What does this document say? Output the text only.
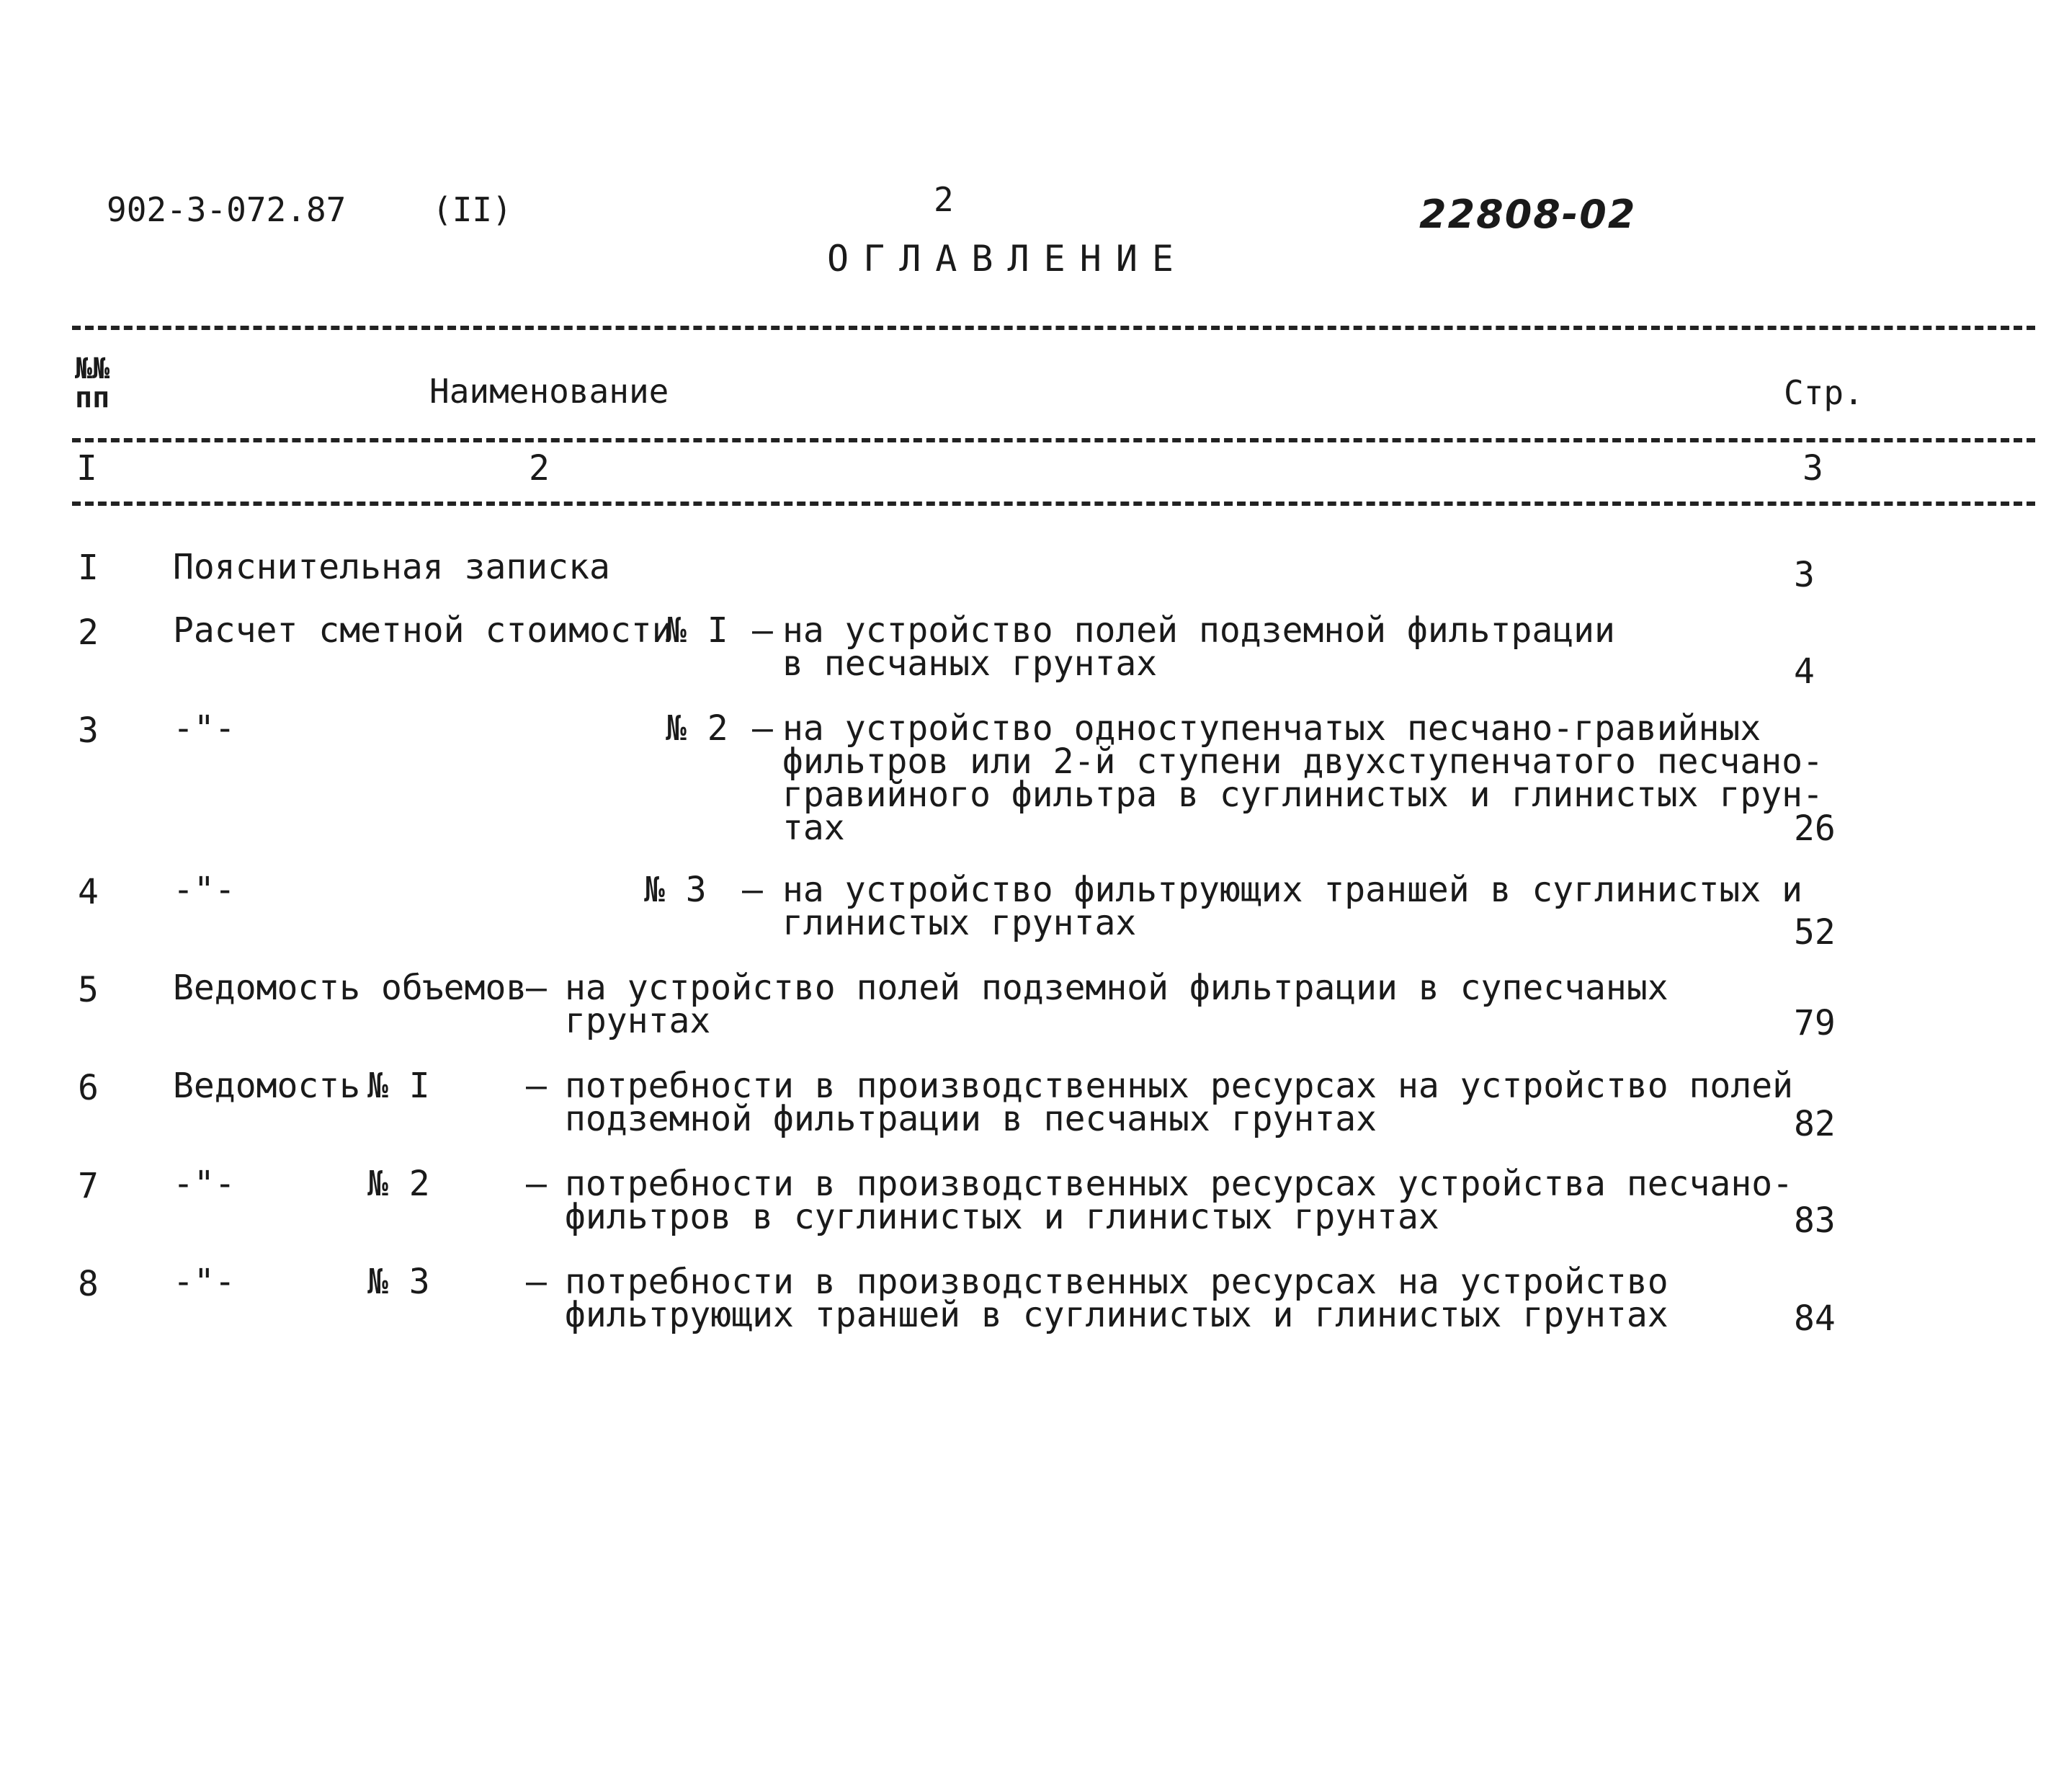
902-3-072.87	(II)	2	22808-02
ОГЛАВЛЕНИЕ
№№
пп	Наименование	Стр.
I	2	3
I Пояснительная записка	3
2 Расчет сметной стоимости
№ I – на устройство полей подземной фильтрации
в песчаных грунтах	4
3 -"-	№ 2 – на устройство одноступенчатых песчано-гравийных
фильтров или 2-й ступени двухступенчатого песчано-
гравийного фильтра в суглинистых и глинистых грун-
тах	26
4 -"-	№ 3 – на устройство фильтрующих траншей в суглинистых и
глинистых грунтах	52
5 Ведомость объемов
– на устройство полей подземной фильтрации в супесчаных
грунтах	79
6 Ведомость № I	– потребности в производственных ресурсах на устройство полей
подземной фильтрации в песчаных грунтах	82
7 -"-	№ 2	– потребности в производственных ресурсах устройства песчано-
фильтров в суглинистых и глинистых грунтах	83
8 -"-	№ 3	– потребности в производственных ресурсах на устройство
фильтрующих траншей в суглинистых и глинистых грунтах	84
